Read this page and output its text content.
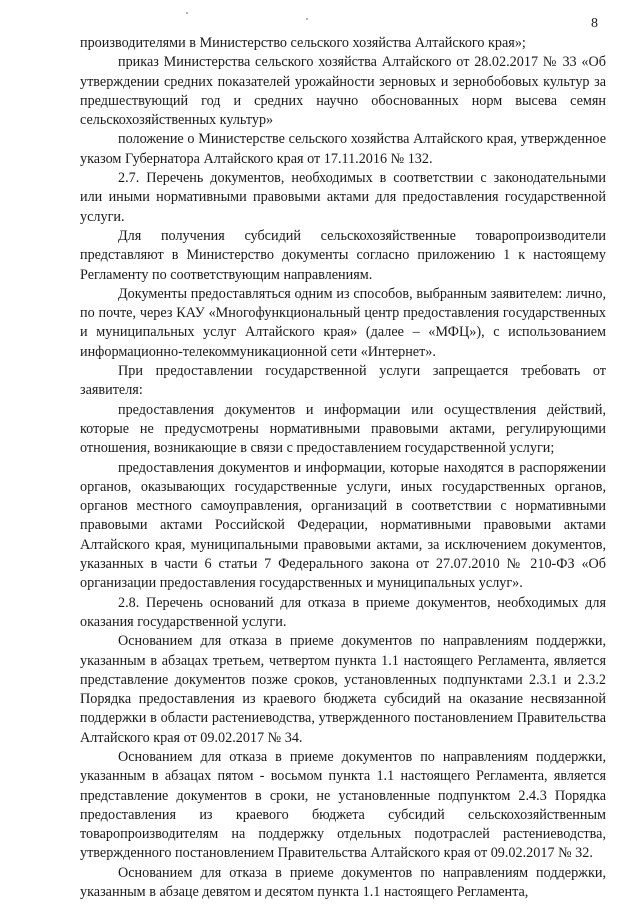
8

производителями в Министерство сельского хозяйства Алтайского края»;

приказ Министерства сельского хозяйства Алтайского от 28.02.2017 № 33 «Об утверждении средних показателей урожайности зерновых и зернобобовых культур за предшествующий год и средних научно обоснованных норм высева семян сельскохозяйственных культур»

положение о Министерстве сельского хозяйства Алтайского края, утвержденное указом Губернатора Алтайского края от 17.11.2016 № 132.

2.7. Перечень документов, необходимых в соответствии с законодательными или иными нормативными правовыми актами для предоставления государственной услуги.

Для получения субсидий сельскохозяйственные товаропроизводители представляют в Министерство документы согласно приложению 1 к настоящему Регламенту по соответствующим направлениям.

Документы предоставляться одним из способов, выбранным заявителем: лично, по почте, через КАУ «Многофункциональный центр предоставления государственных и муниципальных услуг Алтайского края» (далее – «МФЦ»), с использованием информационно-телекоммуникационной сети «Интернет».

При предоставлении государственной услуги запрещается требовать от заявителя:

предоставления документов и информации или осуществления действий, которые не предусмотрены нормативными правовыми актами, регулирующими отношения, возникающие в связи с предоставлением государственной услуги;

предоставления документов и информации, которые находятся в распоряжении органов, оказывающих государственные услуги, иных государственных органов, органов местного самоуправления, организаций в соответствии с нормативными правовыми актами Российской Федерации, нормативными правовыми актами Алтайского края, муниципальными правовыми актами, за исключением документов, указанных в части 6 статьи 7 Федерального закона от 27.07.2010 № 210-ФЗ «Об организации предоставления государственных и муниципальных услуг».

2.8. Перечень оснований для отказа в приеме документов, необходимых для оказания государственной услуги.

Основанием для отказа в приеме документов по направлениям поддержки, указанным в абзацах третьем, четвертом пункта 1.1 настоящего Регламента, является представление документов позже сроков, установленных подпунктами 2.3.1 и 2.3.2 Порядка предоставления из краевого бюджета субсидий на оказание несвязанной поддержки в области растениеводства, утвержденного постановлением Правительства Алтайского края от 09.02.2017 № 34.

Основанием для отказа в приеме документов по направлениям поддержки, указанным в абзацах пятом - восьмом пункта 1.1 настоящего Регламента, является представление документов в сроки, не установленные подпунктом 2.4.3 Порядка предоставления из краевого бюджета субсидий сельскохозяйственным товаропроизводителям на поддержку отдельных подотраслей растениеводства, утвержденного постановлением Правительства Алтайского края от 09.02.2017 № 32.

Основанием для отказа в приеме документов по направлениям поддержки, указанным в абзаце девятом и десятом пункта 1.1 настоящего Регламента,
